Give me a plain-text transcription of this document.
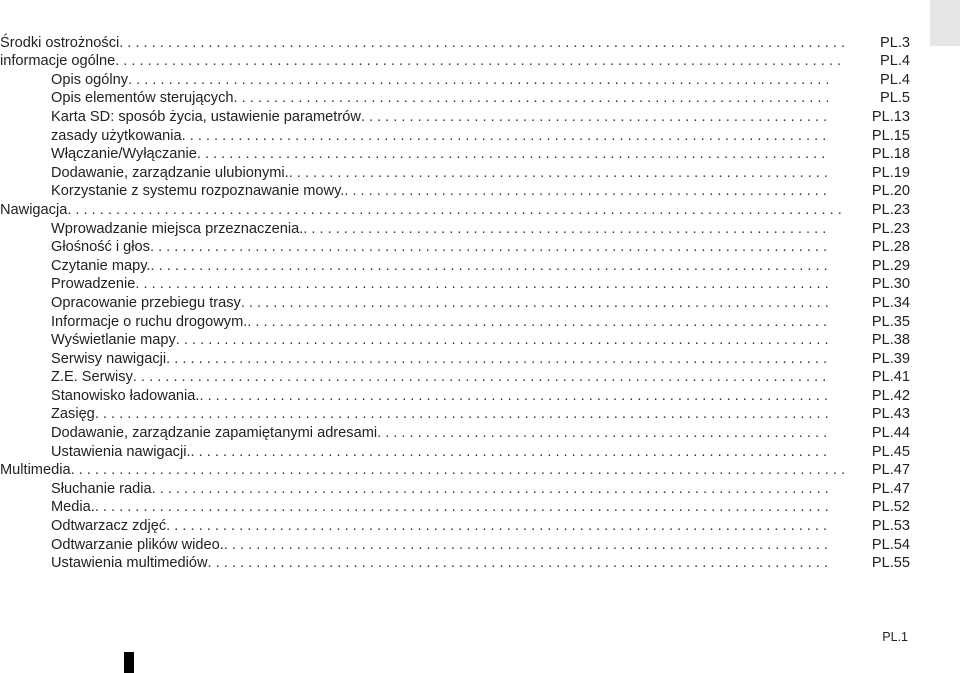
Środki ostrożności . . .	PL.3
informacje ogólne . . .	PL.4
Opis ogólny . . .	PL.4
Opis elementów sterujących . . .	PL.5
Karta SD: sposób życia, ustawienie parametrów . . .	PL.13
zasady użytkowania . . .	PL.15
Włączanie/Wyłączanie . . .	PL.18
Dodawanie, zarządzanie ulubionymi. . . .	PL.19
Korzystanie z systemu rozpoznawanie mowy. . . .	PL.20
Nawigacja . . .	PL.23
Wprowadzanie miejsca przeznaczenia. . . .	PL.23
Głośność i głos . . .	PL.28
Czytanie mapy. . . .	PL.29
Prowadzenie . . .	PL.30
Opracowanie przebiegu trasy . . .	PL.34
Informacje o ruchu drogowym. . . .	PL.35
Wyświetlanie mapy . . .	PL.38
Serwisy nawigacji . . .	PL.39
Z.E. Serwisy . . .	PL.41
Stanowisko ładowania. . . .	PL.42
Zasięg . . .	PL.43
Dodawanie, zarządzanie zapamiętanymi adresami . . .	PL.44
Ustawienia nawigacji. . . .	PL.45
Multimedia . . .	PL.47
Słuchanie radia . . .	PL.47
Media. . . .	PL.52
Odtwarzacz zdjęć . . .	PL.53
Odtwarzanie plików wideo. . . .	PL.54
Ustawienia multimediów . . .	PL.55
PL.1
